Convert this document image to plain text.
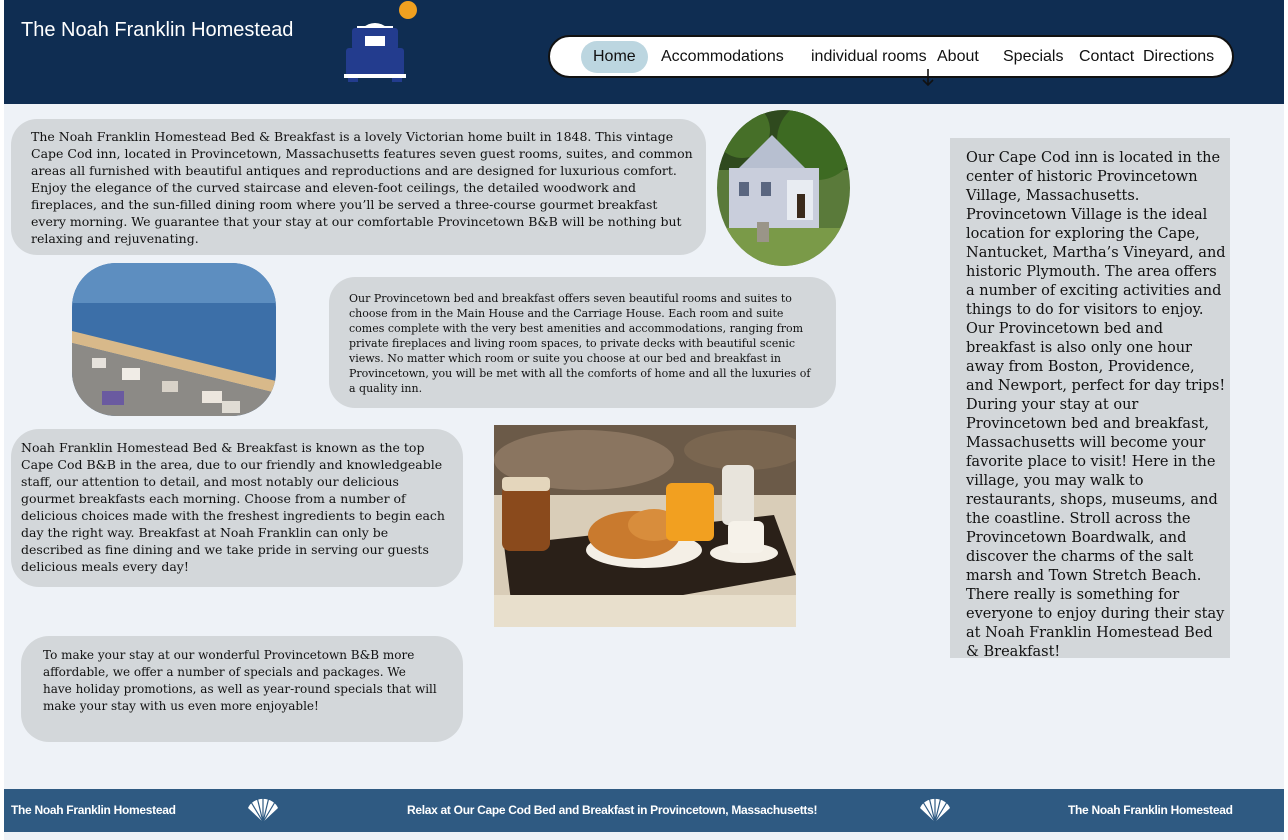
The Noah Franklin Homestead
Home	Accommodations individual rooms About Specials Contact Directions
The Noah Franklin Homestead Bed & Breakfast is a lovely Victorian home built in 1848. This vintage Cape Cod inn, located in Provincetown, Massachusetts features seven guest rooms, suites, and common areas all furnished with beautiful antiques and reproductions and are designed for luxurious comfort. Enjoy the elegance of the curved staircase and eleven-foot ceilings, the detailed woodwork and fireplaces, and the sun-filled dining room where you’ll be served a three-course gourmet breakfast every morning. We guarantee that your stay at our comfortable Provincetown B&B will be nothing but relaxing and rejuvenating.
Our Provincetown bed and breakfast offers seven beautiful rooms and suites to choose from in the Main House and the Carriage House. Each room and suite comes complete with the very best amenities and accommodations, ranging from private fireplaces and living room spaces, to private decks with beautiful scenic views. No matter which room or suite you choose at our bed and breakfast in Provincetown, you will be met with all the comforts of home and all the luxuries of a quality inn.
Noah Franklin Homestead Bed & Breakfast is known as the top Cape Cod B&B in the area, due to our friendly and knowledgeable staff, our attention to detail, and most notably our delicious gourmet breakfasts each morning. Choose from a number of delicious choices made with the freshest ingredients to begin each day the right way. Breakfast at Noah Franklin can only be described as fine dining and we take pride in serving our guests delicious meals every day!
To make your stay at our wonderful Provincetown B&B more affordable, we offer a number of specials and packages. We have holiday promotions, as well as year-round specials that will make your stay with us even more enjoyable!
Our Cape Cod inn is located in the center of historic Provincetown Village, Massachusetts. Provincetown Village is the ideal location for exploring the Cape, Nantucket, Martha’s Vineyard, and historic Plymouth. The area offers a number of exciting activities and things to do for visitors to enjoy. Our Provincetown bed and breakfast is also only one hour away from Boston, Providence, and Newport, perfect for day trips! During your stay at our Provincetown bed and breakfast, Massachusetts will become your favorite place to visit! Here in the village, you may walk to restaurants, shops, museums, and the coastline. Stroll across the Provincetown Boardwalk, and discover the charms of the salt marsh and Town Stretch Beach. There really is something for everyone to enjoy during their stay at Noah Franklin Homestead Bed & Breakfast!
The Noah Franklin Homestead	Relax at Our Cape Cod Bed and Breakfast in Provincetown, Massachusetts!	The Noah Franklin Homestead
